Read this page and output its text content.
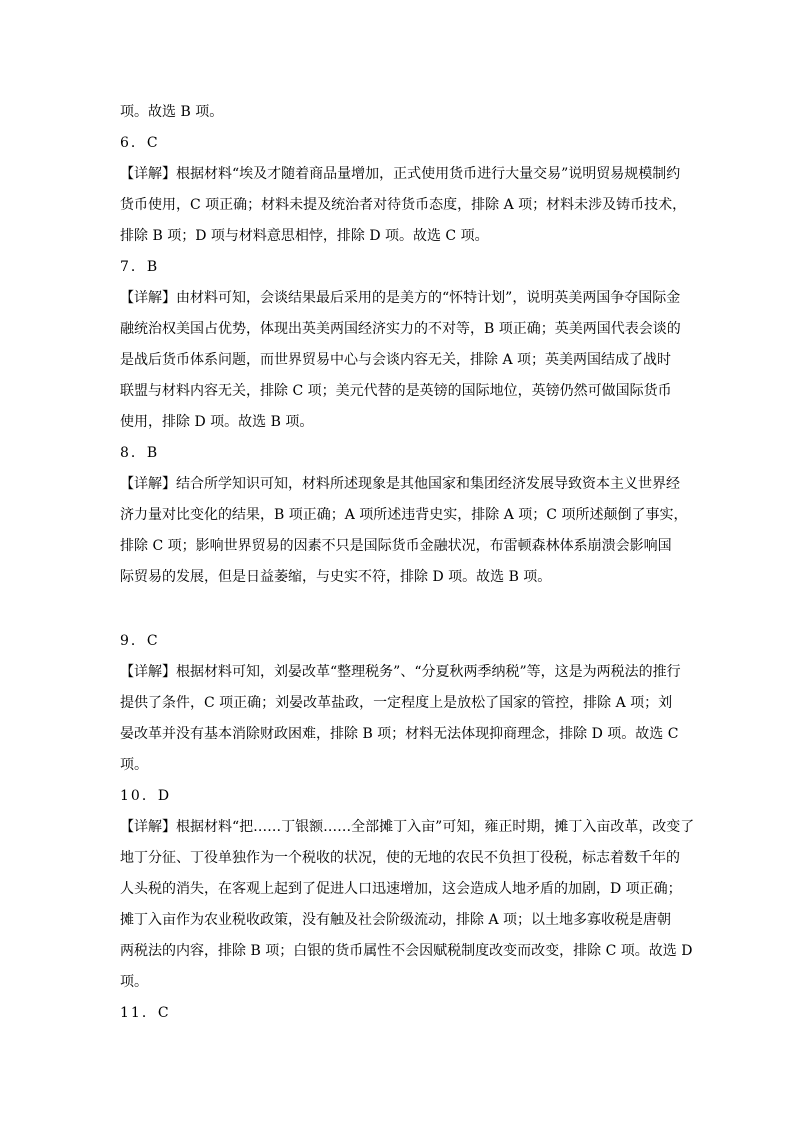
项。故选 B 项。
6．C
【详解】根据材料“埃及才随着商品量增加，正式使用货币进行大量交易”说明贸易规模制约
货币使用，C 项正确；材料未提及统治者对待货币态度，排除 A 项；材料未涉及铸币技术，
排除 B 项；D 项与材料意思相悖，排除 D 项。故选 C 项。
7．B
【详解】由材料可知，会谈结果最后采用的是美方的“怀特计划”，说明英美两国争夺国际金
融统治权美国占优势，体现出英美两国经济实力的不对等，B 项正确；英美两国代表会谈的
是战后货币体系问题，而世界贸易中心与会谈内容无关，排除 A 项；英美两国结成了战时
联盟与材料内容无关，排除 C 项；美元代替的是英镑的国际地位，英镑仍然可做国际货币
使用，排除 D 项。故选 B 项。
8．B
【详解】结合所学知识可知，材料所述现象是其他国家和集团经济发展导致资本主义世界经
济力量对比变化的结果，B 项正确；A 项所述违背史实，排除 A 项；C 项所述颠倒了事实，
排除 C 项；影响世界贸易的因素不只是国际货币金融状况，布雷顿森林体系崩溃会影响国
际贸易的发展，但是日益萎缩，与史实不符，排除 D 项。故选 B 项。
9．C
【详解】根据材料可知，刘晏改革“整理税务”、“分夏秋两季纳税”等，这是为两税法的推行
提供了条件，C 项正确；刘晏改革盐政，一定程度上是放松了国家的管控，排除 A 项；刘
晏改革并没有基本消除财政困难，排除 B 项；材料无法体现抑商理念，排除 D 项。故选 C
项。
10．D
【详解】根据材料“把……丁银额……全部摊丁入亩”可知，雍正时期，摊丁入亩改革，改变了
地丁分征、丁役单独作为一个税收的状况，使的无地的农民不负担丁役税，标志着数千年的
人头税的消失，在客观上起到了促进人口迅速增加，这会造成人地矛盾的加剧，D 项正确；
摊丁入亩作为农业税收政策，没有触及社会阶级流动，排除 A 项；以土地多寡收税是唐朝
两税法的内容，排除 B 项；白银的货币属性不会因赋税制度改变而改变，排除 C 项。故选 D
项。
11．C
